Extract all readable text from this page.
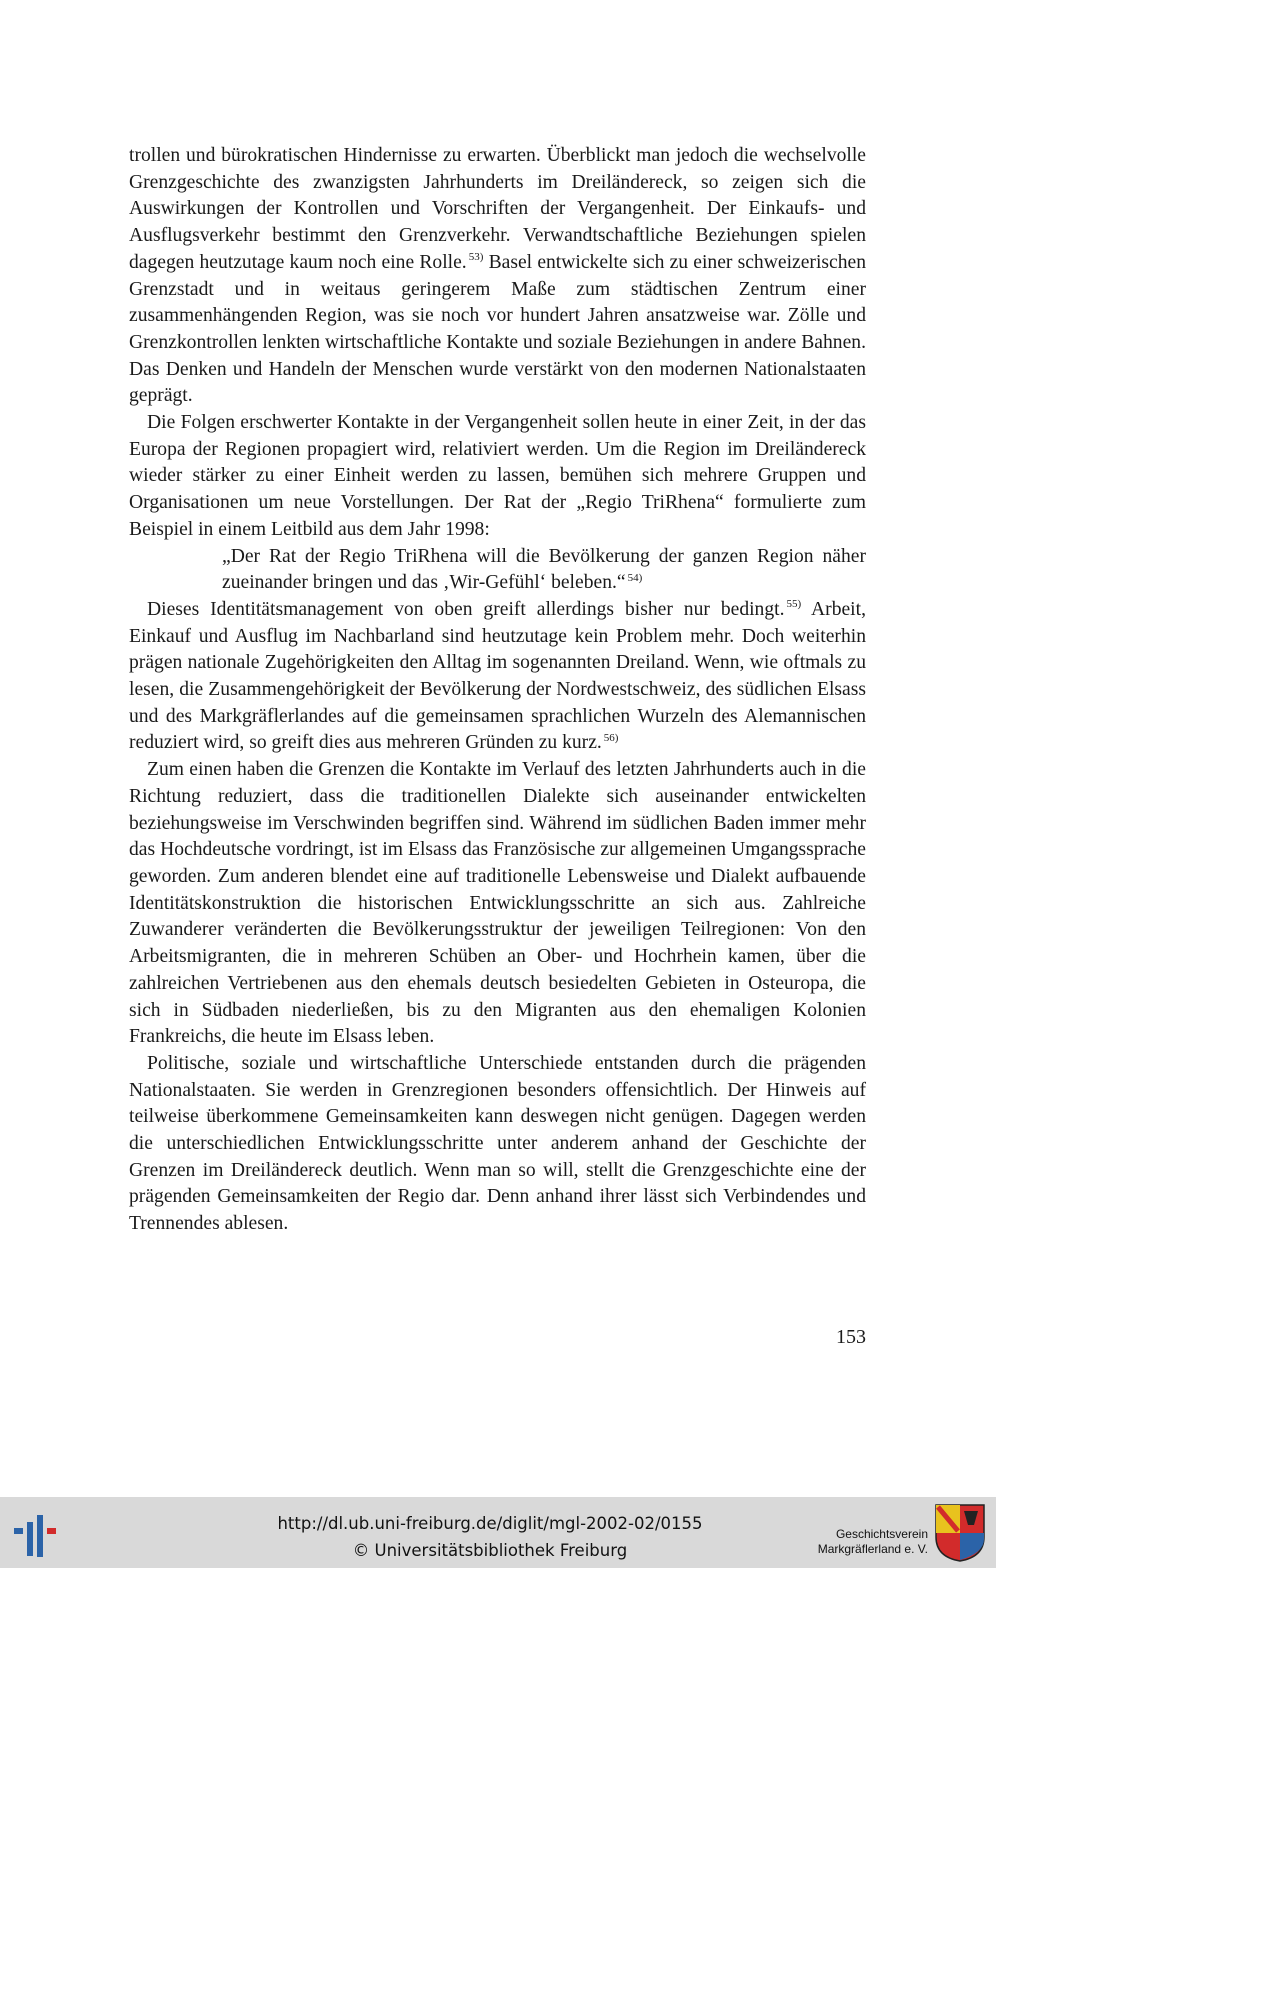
trollen und bürokratischen Hindernisse zu erwarten. Überblickt man jedoch die wechselvolle Grenzgeschichte des zwanzigsten Jahrhunderts im Dreiländereck, so zeigen sich die Auswirkungen der Kontrollen und Vorschriften der Vergangenheit. Der Einkaufs- und Ausflugsverkehr bestimmt den Grenzverkehr. Verwandtschaftliche Beziehungen spielen dagegen heutzutage kaum noch eine Rolle. $^{53)}$ Basel entwickelte sich zu einer schweizerischen Grenzstadt und in weitaus geringerem Maße zum städtischen Zentrum einer zusammenhängenden Region, was sie noch vor hundert Jahren ansatzweise war. Zölle und Grenzkontrollen lenkten wirtschaftliche Kontakte und soziale Beziehungen in andere Bahnen. Das Denken und Handeln der Menschen wurde verstärkt von den modernen Nationalstaaten geprägt.

Die Folgen erschwerter Kontakte in der Vergangenheit sollen heute in einer Zeit, in der das Europa der Regionen propagiert wird, relativiert werden. Um die Region im Dreiländereck wieder stärker zu einer Einheit werden zu lassen, bemühen sich mehrere Gruppen und Organisationen um neue Vorstellungen. Der Rat der „Regio TriRhena“ formulierte zum Beispiel in einem Leitbild aus dem Jahr 1998:

„Der Rat der Regio TriRhena will die Bevölkerung der ganzen Region näher zueinander bringen und das ‚Wir-Gefühl‘ beleben.“ $^{54)}$

Dieses Identitätsmanagement von oben greift allerdings bisher nur bedingt. $^{55)}$ Arbeit, Einkauf und Ausflug im Nachbarland sind heutzutage kein Problem mehr. Doch weiterhin prägen nationale Zugehörigkeiten den Alltag im sogenannten Dreiland. Wenn, wie oftmals zu lesen, die Zusammengehörigkeit der Bevölkerung der Nordwestschweiz, des südlichen Elsass und des Markgräflerlandes auf die gemeinsamen sprachlichen Wurzeln des Alemannischen reduziert wird, so greift dies aus mehreren Gründen zu kurz. $^{56)}$

Zum einen haben die Grenzen die Kontakte im Verlauf des letzten Jahrhunderts auch in die Richtung reduziert, dass die traditionellen Dialekte sich auseinander entwickelten beziehungsweise im Verschwinden begriffen sind. Während im südlichen Baden immer mehr das Hochdeutsche vordringt, ist im Elsass das Französische zur allgemeinen Umgangssprache geworden. Zum anderen blendet eine auf traditionelle Lebensweise und Dialekt aufbauende Identitätskonstruktion die historischen Entwicklungsschritte an sich aus. Zahlreiche Zuwanderer veränderten die Bevölkerungsstruktur der jeweiligen Teilregionen: Von den Arbeitsmigranten, die in mehreren Schüben an Ober- und Hochrhein kamen, über die zahlreichen Vertriebenen aus den ehemals deutsch besiedelten Gebieten in Osteuropa, die sich in Südbaden niederließen, bis zu den Migranten aus den ehemaligen Kolonien Frankreichs, die heute im Elsass leben.

Politische, soziale und wirtschaftliche Unterschiede entstanden durch die prägenden Nationalstaaten. Sie werden in Grenzregionen besonders offensichtlich. Der Hinweis auf teilweise überkommene Gemeinsamkeiten kann deswegen nicht genügen. Dagegen werden die unterschiedlichen Entwicklungsschritte unter anderem anhand der Geschichte der Grenzen im Dreiländereck deutlich. Wenn man so will, stellt die Grenzgeschichte eine der prägenden Gemeinsamkeiten der Regio dar. Denn anhand ihrer lässt sich Verbindendes und Trennendes ablesen.

153
http://dl.ub.uni-freiburg.de/diglit/mgl-2002-02/0155
© Universitätsbibliothek Freiburg
Geschichtsverein
Markgräflerland e. V.
